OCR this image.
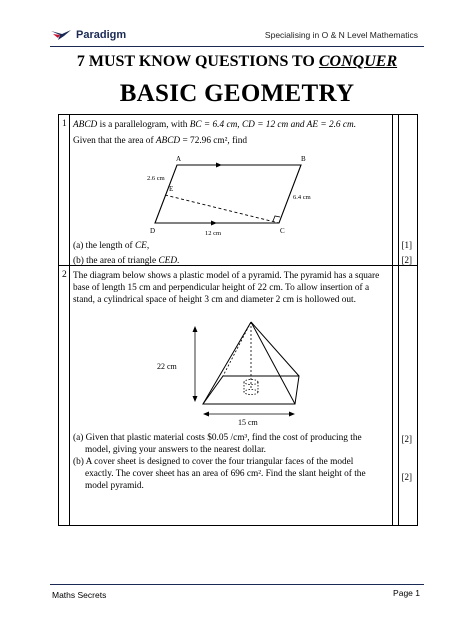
Paradigm	Specialising in O & N Level Mathematics
7 MUST KNOW QUESTIONS TO CONQUER
BASIC GEOMETRY
1 ABCD is a parallelogram, with BC = 6.4 cm, CD = 12 cm and AE = 2.6 cm.
Given that the area of ABCD = 72.96 cm², find
A	B
C
D
E
2.6 cm
6.4 cm
12 cm
(a) the length of CE,	[1]
(b) the area of triangle CED.	[2]
2 The diagram below shows a plastic model of a pyramid. The pyramid has a square
base of length 15 cm and perpendicular height of 22 cm. To allow insertion of a
stand, a cylindrical space of height 3 cm and diameter 2 cm is hollowed out.
22 cm
15 cm
(a) Given that plastic material costs $0.05 /cm³, find the cost of producing the
model, giving your answers to the nearest dollar.
[2]
(b) A cover sheet is designed to cover the four triangular faces of the model
exactly. The cover sheet has an area of 696 cm². Find the slant height of the
model pyramid.
[2]
Maths Secrets	Page 1
